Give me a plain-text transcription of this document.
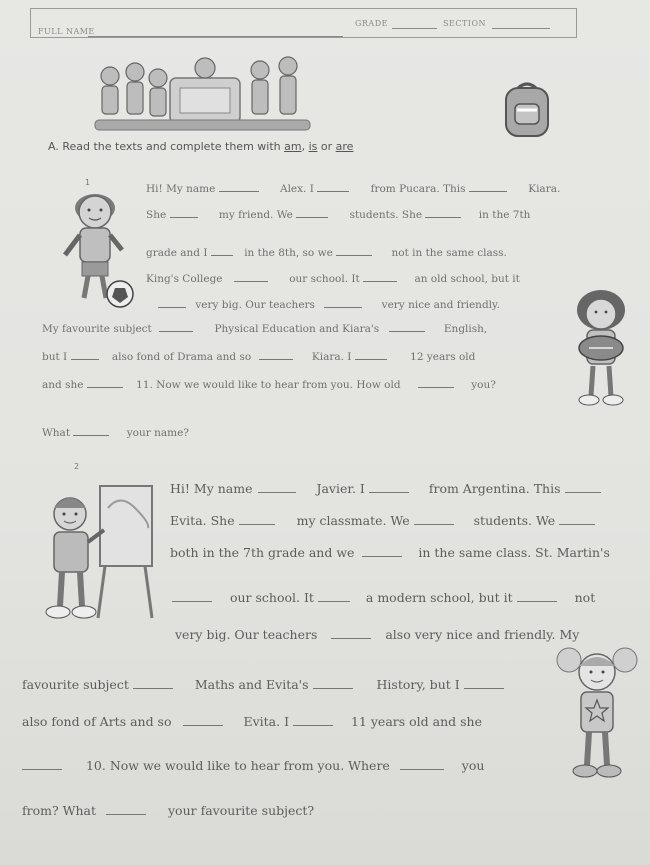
FULL NAME
GRADE	SECTION
A. Read the texts and complete them with am, is or are
1
Hi! My name	Alex. I	from Pucara. This	Kiara.
She	my friend. We	students. She	in the 7th
grade and I	in the 8th, so we	not in the same class.
King's College	our school. It	an old school, but it
very big. Our teachers	very nice and friendly.
My favourite subject	Physical Education and Kiara's	English,
but I	also fond of Drama and so	Kiara. I	12 years old
and she	11. Now we would like to hear from you. How old	you?
What	your name?
2
Hi! My name	Javier. I	from Argentina. This
Evita. She	my classmate. We	students. We
both in the 7th grade and we	in the same class. St. Martin's
our school. It	a modern school, but it	not
very big. Our teachers	also very nice and friendly. My
favourite subject	Maths and Evita's	History, but I
also fond of Arts and so	Evita. I	11 years old and she
10. Now we would like to hear from you. Where	you
from? What	your favourite subject?
